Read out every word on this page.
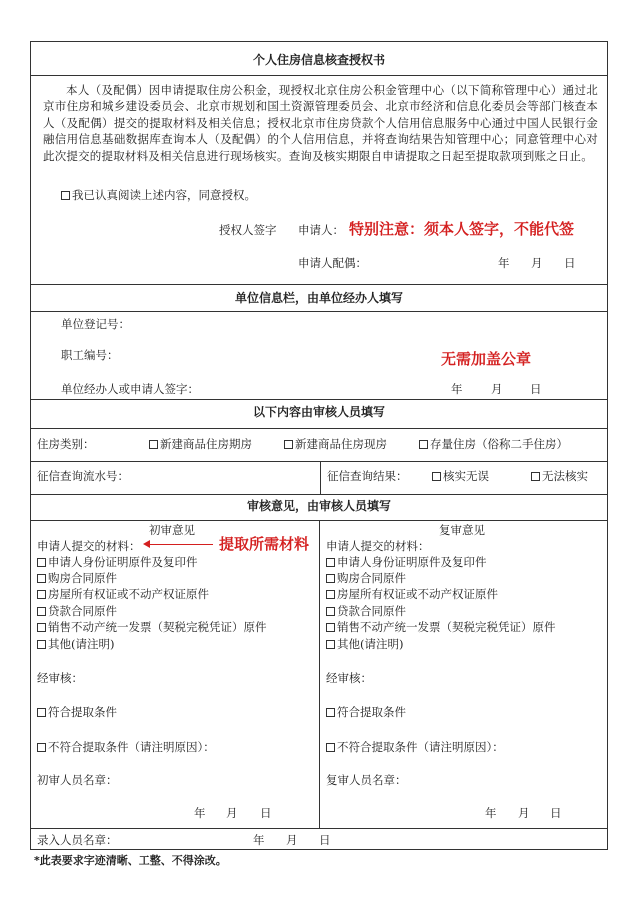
个人住房信息核查授权书
本人（及配偶）因申请提取住房公积金，现授权北京住房公积金管理中心（以下简称管理中心）通过北京市住房和城乡建设委员会、北京市规划和国土资源管理委员会、北京市经济和信息化委员会等部门核查本人（及配偶）提交的提取材料及相关信息；授权北京市住房贷款个人信用信息服务中心通过中国人民银行金融信用信息基础数据库查询本人（及配偶）的个人信用信息，并将查询结果告知管理中心；同意管理中心对此次提交的提取材料及相关信息进行现场核实。查询及核实期限自申请提取之日起至提取款项到账之日止。
我已认真阅读上述内容，同意授权。
授权人签字 申请人： 特别注意：须本人签字，不能代签
申请人配偶：	年 月 日
单位信息栏，由单位经办人填写
单位登记号：
职工编号：	无需加盖公章
单位经办人或申请人签字：	年 月 日
以下内容由审核人员填写
住房类别：	新建商品住房期房	新建商品住房现房	存量住房（俗称二手住房）
征信查询流水号：	征信查询结果：	核实无误	无法核实
审核意见，由审核人员填写
初审意见
申请人提交的材料：	提取所需材料
申请人身份证明原件及复印件
购房合同原件
房屋所有权证或不动产权证原件
贷款合同原件
销售不动产统一发票（契税完税凭证）原件
其他(请注明)
经审核：
符合提取条件
不符合提取条件（请注明原因）：
初审人员名章：
年 月 日
复审意见
申请人提交的材料：
申请人身份证明原件及复印件
购房合同原件
房屋所有权证或不动产权证原件
贷款合同原件
销售不动产统一发票（契税完税凭证）原件
其他(请注明)
经审核：
符合提取条件
不符合提取条件（请注明原因）：
复审人员名章：
年 月 日
录入人员名章：	年 月 日
*此表要求字迹清晰、工整、不得涂改。
